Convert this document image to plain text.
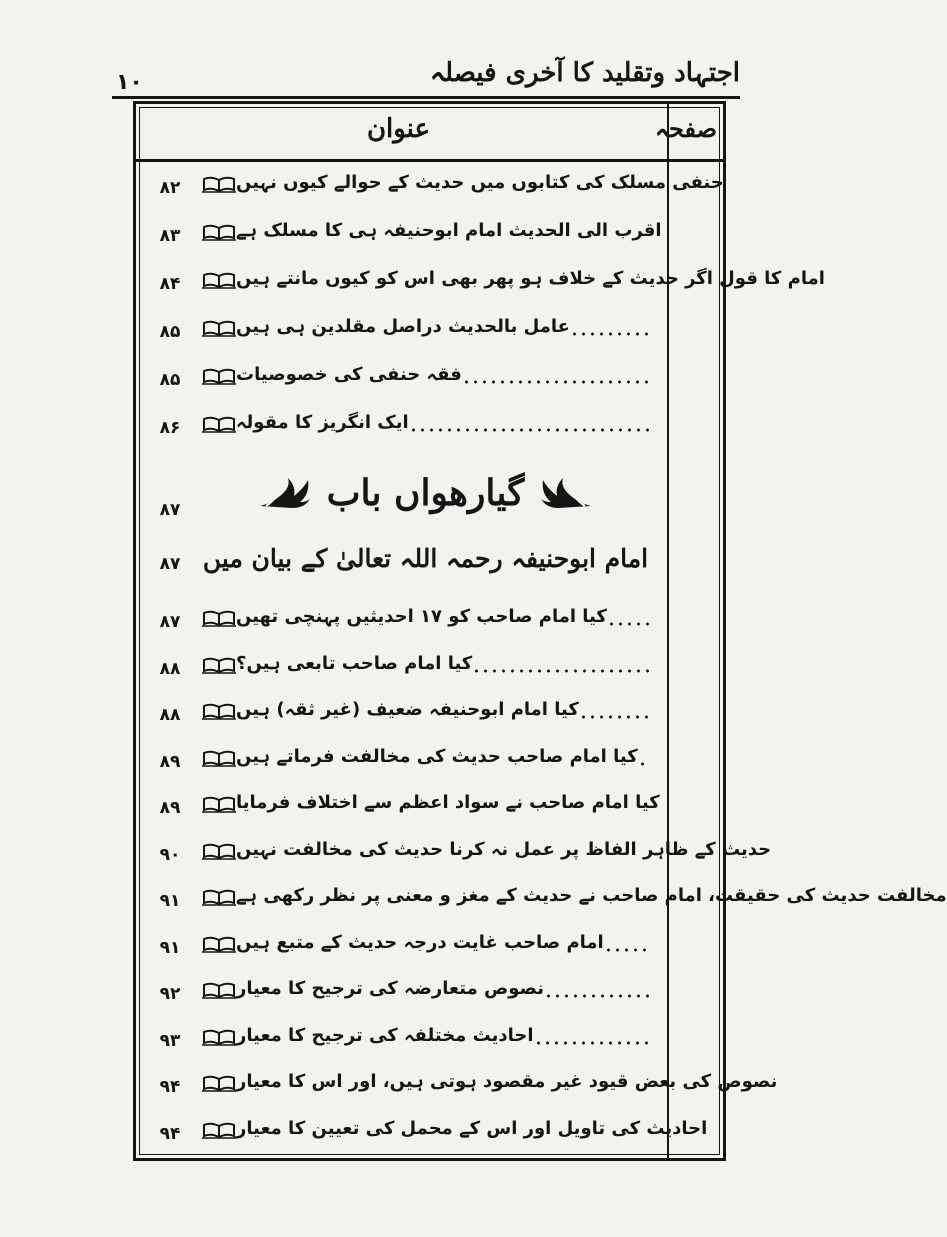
اجتہاد وتقلید کا آخری فیصلہ
۱۰
عنوان	صفحہ
حنفی مسلک کی کتابوں میں حدیث کے حوالے کیوں نہیں
۸۲
اقرب الی الحدیث امام ابوحنیفہ ہی کا مسلک ہے
۸۳
امام کا قول اگر حدیث کے خلاف ہو پھر بھی اس کو کیوں مانتے ہیں
۸۴
عامل بالحدیث دراصل مقلدین ہی ہیں
۸۵
فقہ حنفی کی خصوصیات
۸۵
ایک انگریز کا مقولہ
۸۶
گیارھواں باب
۸۷
امام ابوحنیفہ رحمہ اللہ تعالیٰ کے بیان میں
۸۷
کیا امام صاحب کو ۱۷ احدیثیں پہنچی تھیں
۸۷
کیا امام صاحب تابعی ہیں؟
۸۸
کیا امام ابوحنیفہ ضعیف (غیر ثقہ) ہیں
۸۸
کیا امام صاحب حدیث کی مخالفت فرماتے ہیں
۸۹
کیا امام صاحب نے سواد اعظم سے اختلاف فرمایا
۸۹
حدیث کے ظاہر الفاظ پر عمل نہ کرنا حدیث کی مخالفت نہیں
۹۰
مخالفت حدیث کی حقیقت، امام صاحب نے حدیث کے مغز و معنی پر نظر رکھی ہے
۹۱
امام صاحب غایت درجہ حدیث کے متبع ہیں
۹۱
نصوص متعارضہ کی ترجیح کا معیار
۹۲
احادیث مختلفہ کی ترجیح کا معیار
۹۳
نصوص کی بعض قیود غیر مقصود ہوتی ہیں، اور اس کا معیار
۹۴
احادیث کی تاویل اور اس کے محمل کی تعیین کا معیار
۹۴
